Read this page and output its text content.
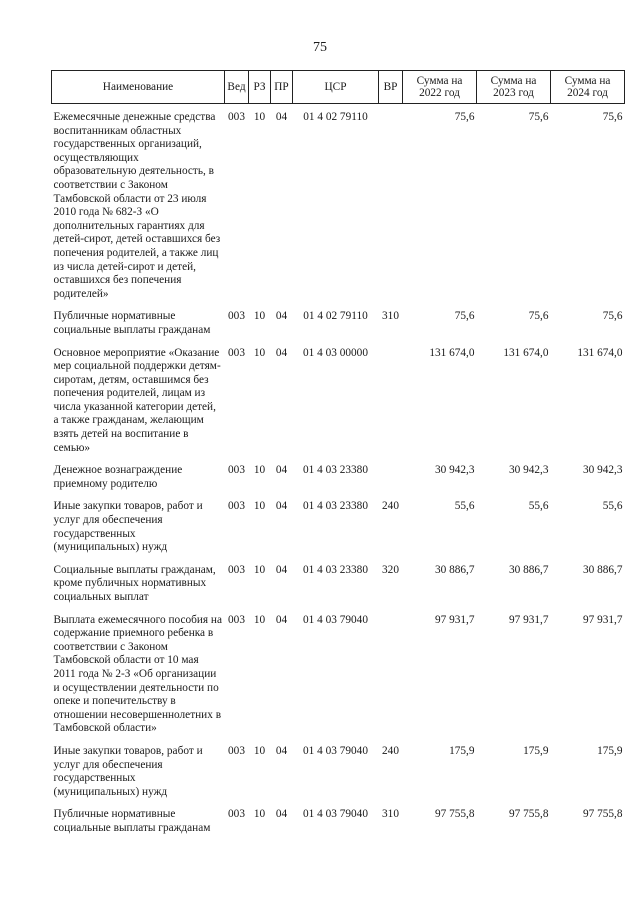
75
Наименование	Вед	РЗ	ПР	ЦСР	ВР	Сумма на 2022 год	Сумма на 2023 год	Сумма на 2024 год
Ежемесячные денежные средства воспитанникам областных государственных организаций, осуществляющих образовательную деятельность, в соответствии с Законом Тамбовской области от 23 июля 2010 года № 682-З «О дополнительных гарантиях для детей-сирот, детей оставшихся без попечения родителей, а также лиц из числа детей-сирот и детей, оставшихся без попечения родителей»	003	10	04	01 4 02 79110		75,6	75,6	75,6
Публичные нормативные социальные выплаты гражданам	003	10	04	01 4 02 79110	310	75,6	75,6	75,6
Основное мероприятие «Оказание мер социальной поддержки детям-сиротам, детям, оставшимся без попечения родителей, лицам из числа указанной категории детей, а также гражданам, желающим взять детей на воспитание в семью»	003	10	04	01 4 03 00000		131 674,0	131 674,0	131 674,0
Денежное вознаграждение приемному родителю	003	10	04	01 4 03 23380		30 942,3	30 942,3	30 942,3
Иные закупки товаров, работ и услуг для обеспечения государственных (муниципальных) нужд	003	10	04	01 4 03 23380	240	55,6	55,6	55,6
Социальные выплаты гражданам, кроме публичных нормативных социальных выплат	003	10	04	01 4 03 23380	320	30 886,7	30 886,7	30 886,7
Выплата ежемесячного пособия на содержание приемного ребенка в соответствии с Законом Тамбовской области от 10 мая 2011 года № 2-З «Об организации и осуществлении деятельности по опеке и попечительству в отношении несовершеннолетних в Тамбовской области»	003	10	04	01 4 03 79040		97 931,7	97 931,7	97 931,7
Иные закупки товаров, работ и услуг для обеспечения государственных (муниципальных) нужд	003	10	04	01 4 03 79040	240	175,9	175,9	175,9
Публичные нормативные социальные выплаты гражданам	003	10	04	01 4 03 79040	310	97 755,8	97 755,8	97 755,8
